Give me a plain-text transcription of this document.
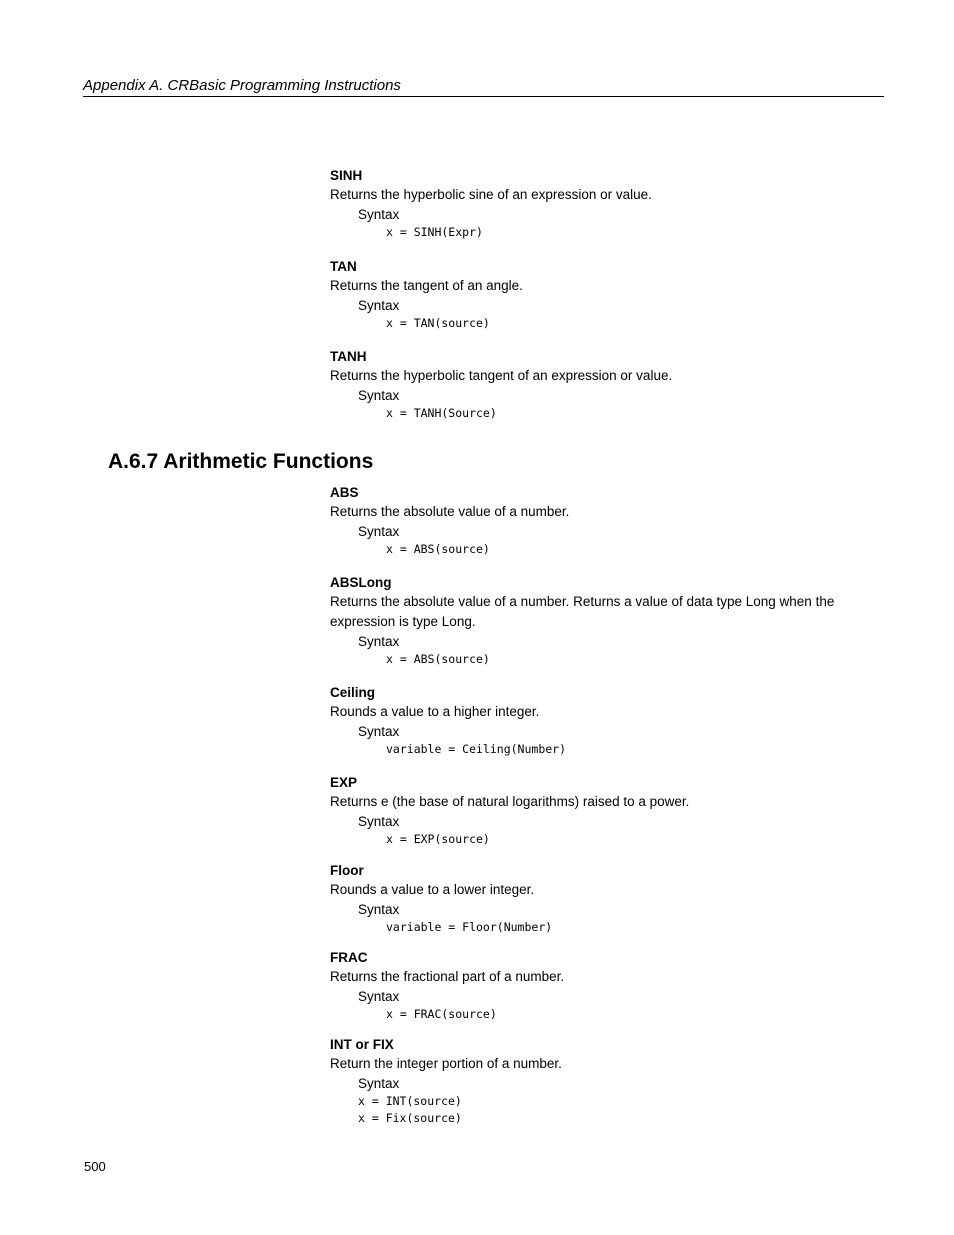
Appendix A. CRBasic Programming Instructions
SINH
Returns the hyperbolic sine of an expression or value.
Syntax
x = SINH(Expr)
TAN
Returns the tangent of an angle.
Syntax
x = TAN(source)
TANH
Returns the hyperbolic tangent of an expression or value.
Syntax
x = TANH(Source)
A.6.7 Arithmetic Functions
ABS
Returns the absolute value of a number.
Syntax
x = ABS(source)
ABSLong
Returns the absolute value of a number. Returns a value of data type Long when the expression is type Long.
Syntax
x = ABS(source)
Ceiling
Rounds a value to a higher integer.
Syntax
variable = Ceiling(Number)
EXP
Returns e (the base of natural logarithms) raised to a power.
Syntax
x = EXP(source)
Floor
Rounds a value to a lower integer.
Syntax
variable = Floor(Number)
FRAC
Returns the fractional part of a number.
Syntax
x = FRAC(source)
INT or FIX
Return the integer portion of a number.
Syntax
x = INT(source)
x = Fix(source)
500
